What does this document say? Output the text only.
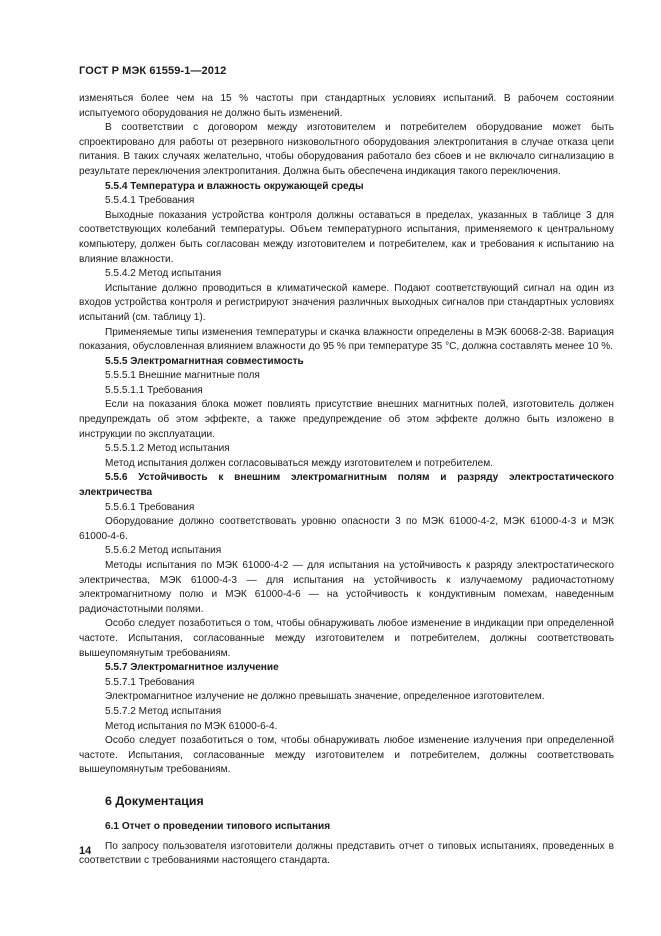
ГОСТ Р МЭК 61559-1—2012

изменяться более чем на 15 % частоты при стандартных условиях испытаний. В рабочем состоянии испытуемого оборудования не должно быть изменений.

В соответствии с договором между изготовителем и потребителем оборудование может быть спроектировано для работы от резервного низковольтного оборудования электропитания в случае отказа цепи питания. В таких случаях желательно, чтобы оборудования работало без сбоев и не включало сигнализацию в результате переключения электропитания. Должна быть обеспечена индикация такого переключения.

5.5.4 Температура и влажность окружающей среды

5.5.4.1 Требования

Выходные показания устройства контроля должны оставаться в пределах, указанных в таблице 3 для соответствующих колебаний температуры. Объем температурного испытания, применяемого к центральному компьютеру, должен быть согласован между изготовителем и потребителем, как и требования к испытанию на влияние влажности.

5.5.4.2 Метод испытания

Испытание должно проводиться в климатической камере. Подают соответствующий сигнал на один из входов устройства контроля и регистрируют значения различных выходных сигналов при стандартных условиях испытаний (см. таблицу 1).

Применяемые типы изменения температуры и скачка влажности определены в МЭК 60068-2-38. Вариация показания, обусловленная влиянием влажности до 95 % при температуре 35 °С, должна составлять менее 10 %.

5.5.5 Электромагнитная совместимость

5.5.5.1 Внешние магнитные поля

5.5.5.1.1 Требования

Если на показания блока может повлиять присутствие внешних магнитных полей, изготовитель должен предупреждать об этом эффекте, а также предупреждение об этом эффекте должно быть изложено в инструкции по эксплуатации.

5.5.5.1.2 Метод испытания

Метод испытания должен согласовываться между изготовителем и потребителем.

5.5.6 Устойчивость к внешним электромагнитным полям и разряду электростатического электричества

5.5.6.1 Требования

Оборудование должно соответствовать уровню опасности 3 по МЭК 61000-4-2, МЭК 61000-4-3 и МЭК 61000-4-6.

5.5.6.2 Метод испытания

Методы испытания по МЭК 61000-4-2 — для испытания на устойчивость к разряду электростатического электричества, МЭК 61000-4-3 — для испытания на устойчивость к излучаемому радиочастотному электромагнитному полю и МЭК 61000-4-6 — на устойчивость к кондуктивным помехам, наведенным радиочастотными полями.

Особо следует позаботиться о том, чтобы обнаруживать любое изменение в индикации при определенной частоте. Испытания, согласованные между изготовителем и потребителем, должны соответствовать вышеупомянутым требованиям.

5.5.7 Электромагнитное излучение

5.5.7.1 Требования

Электромагнитное излучение не должно превышать значение, определенное изготовителем.

5.5.7.2 Метод испытания

Метод испытания по МЭК 61000-6-4.

Особо следует позаботиться о том, чтобы обнаруживать любое изменение излучения при определенной частоте. Испытания, согласованные между изготовителем и потребителем, должны соответствовать вышеупомянутым требованиям.

6 Документация

6.1 Отчет о проведении типового испытания

По запросу пользователя изготовители должны представить отчет о типовых испытаниях, проведенных в соответствии с требованиями настоящего стандарта.

14
